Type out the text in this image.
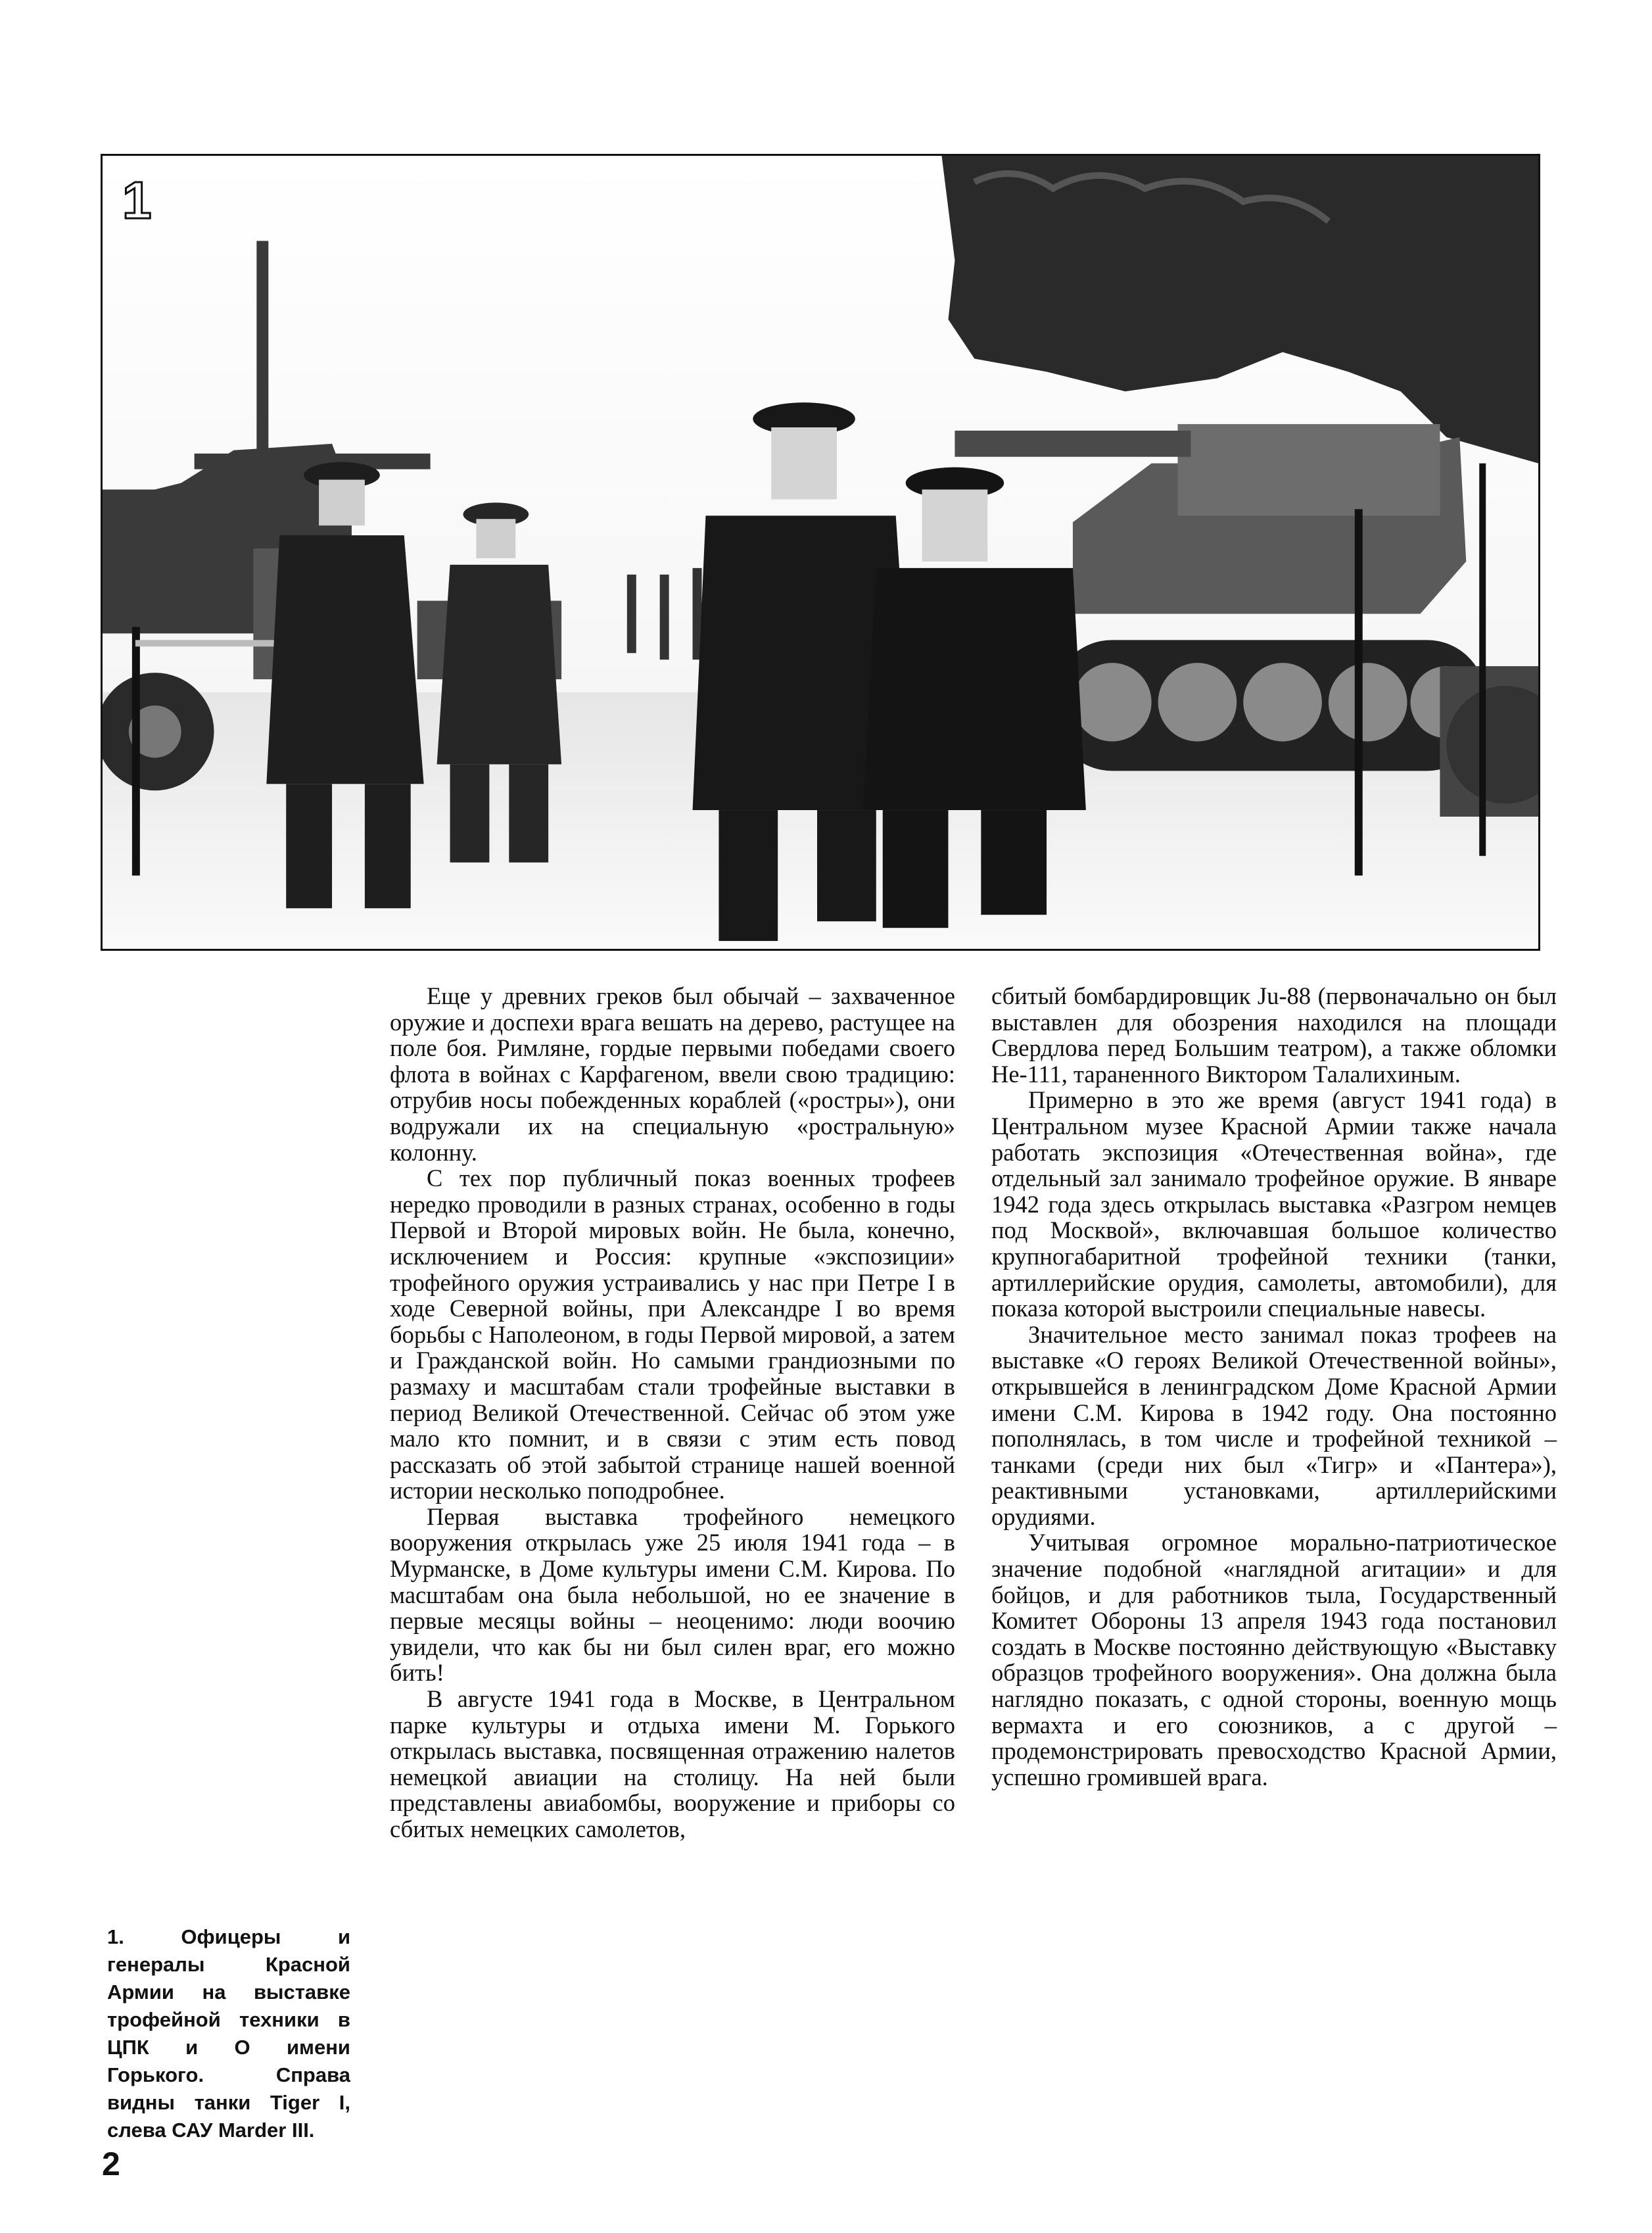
1
1. Офицеры и генералы Красной Армии на выставке трофейной техники в ЦПК и О имени Горького. Справа видны танки Tiger I, слева САУ Marder III.

Еще у древних греков был обычай – захваченное оружие и доспехи врага вешать на дерево, растущее на поле боя. Римляне, гордые первыми победами своего флота в войнах с Карфагеном, ввели свою традицию: отрубив носы побежденных кораблей («ростры»), они водружали их на специальную «ростральную» колонну.

С тех пор публичный показ военных трофеев нередко проводили в разных странах, особенно в годы Первой и Второй мировых войн. Не была, конечно, исключением и Россия: крупные «экспозиции» трофейного оружия устраивались у нас при Петре I в ходе Северной войны, при Александре I во время борьбы с Наполеоном, в годы Первой мировой, а затем и Гражданской войн. Но самыми грандиозными по размаху и масштабам стали трофейные выставки в период Великой Отечественной. Сейчас об этом уже мало кто помнит, и в связи с этим есть повод рассказать об этой забытой странице нашей военной истории несколько поподробнее.

Первая выставка трофейного немецкого вооружения открылась уже 25 июля 1941 года – в Мурманске, в Доме культуры имени С.М. Кирова. По масштабам она была небольшой, но ее значение в первые месяцы войны – неоценимо: люди воочию увидели, что как бы ни был силен враг, его можно бить!

В августе 1941 года в Москве, в Центральном парке культуры и отдыха имени М. Горького открылась выставка, посвященная отражению налетов немецкой авиации на столицу. На ней были представлены авиабомбы, вооружение и приборы со сбитых немецких самолетов,

сбитый бомбардировщик Ju-88 (первоначально он был выставлен для обозрения находился на площади Свердлова перед Большим театром), а также обломки He-111, тараненного Виктором Талалихиным.

Примерно в это же время (август 1941 года) в Центральном музее Красной Армии также начала работать экспозиция «Отечественная война», где отдельный зал занимало трофейное оружие. В январе 1942 года здесь открылась выставка «Разгром немцев под Москвой», включавшая большое количество крупногабаритной трофейной техники (танки, артиллерийские орудия, самолеты, автомобили), для показа которой выстроили специальные навесы.

Значительное место занимал показ трофеев на выставке «О героях Великой Отечественной войны», открывшейся в ленинградском Доме Красной Армии имени С.М. Кирова в 1942 году. Она постоянно пополнялась, в том числе и трофейной техникой – танками (среди них был «Тигр» и «Пантера»), реактивными установками, артиллерийскими орудиями.

Учитывая огромное морально-патриотическое значение подобной «наглядной агитации» и для бойцов, и для работников тыла, Государственный Комитет Обороны 13 апреля 1943 года постановил создать в Москве постоянно действующую «Выставку образцов трофейного вооружения». Она должна была наглядно показать, с одной стороны, военную мощь вермахта и его союзников, а с другой – продемонстрировать превосходство Красной Армии, успешно громившей врага.

2
